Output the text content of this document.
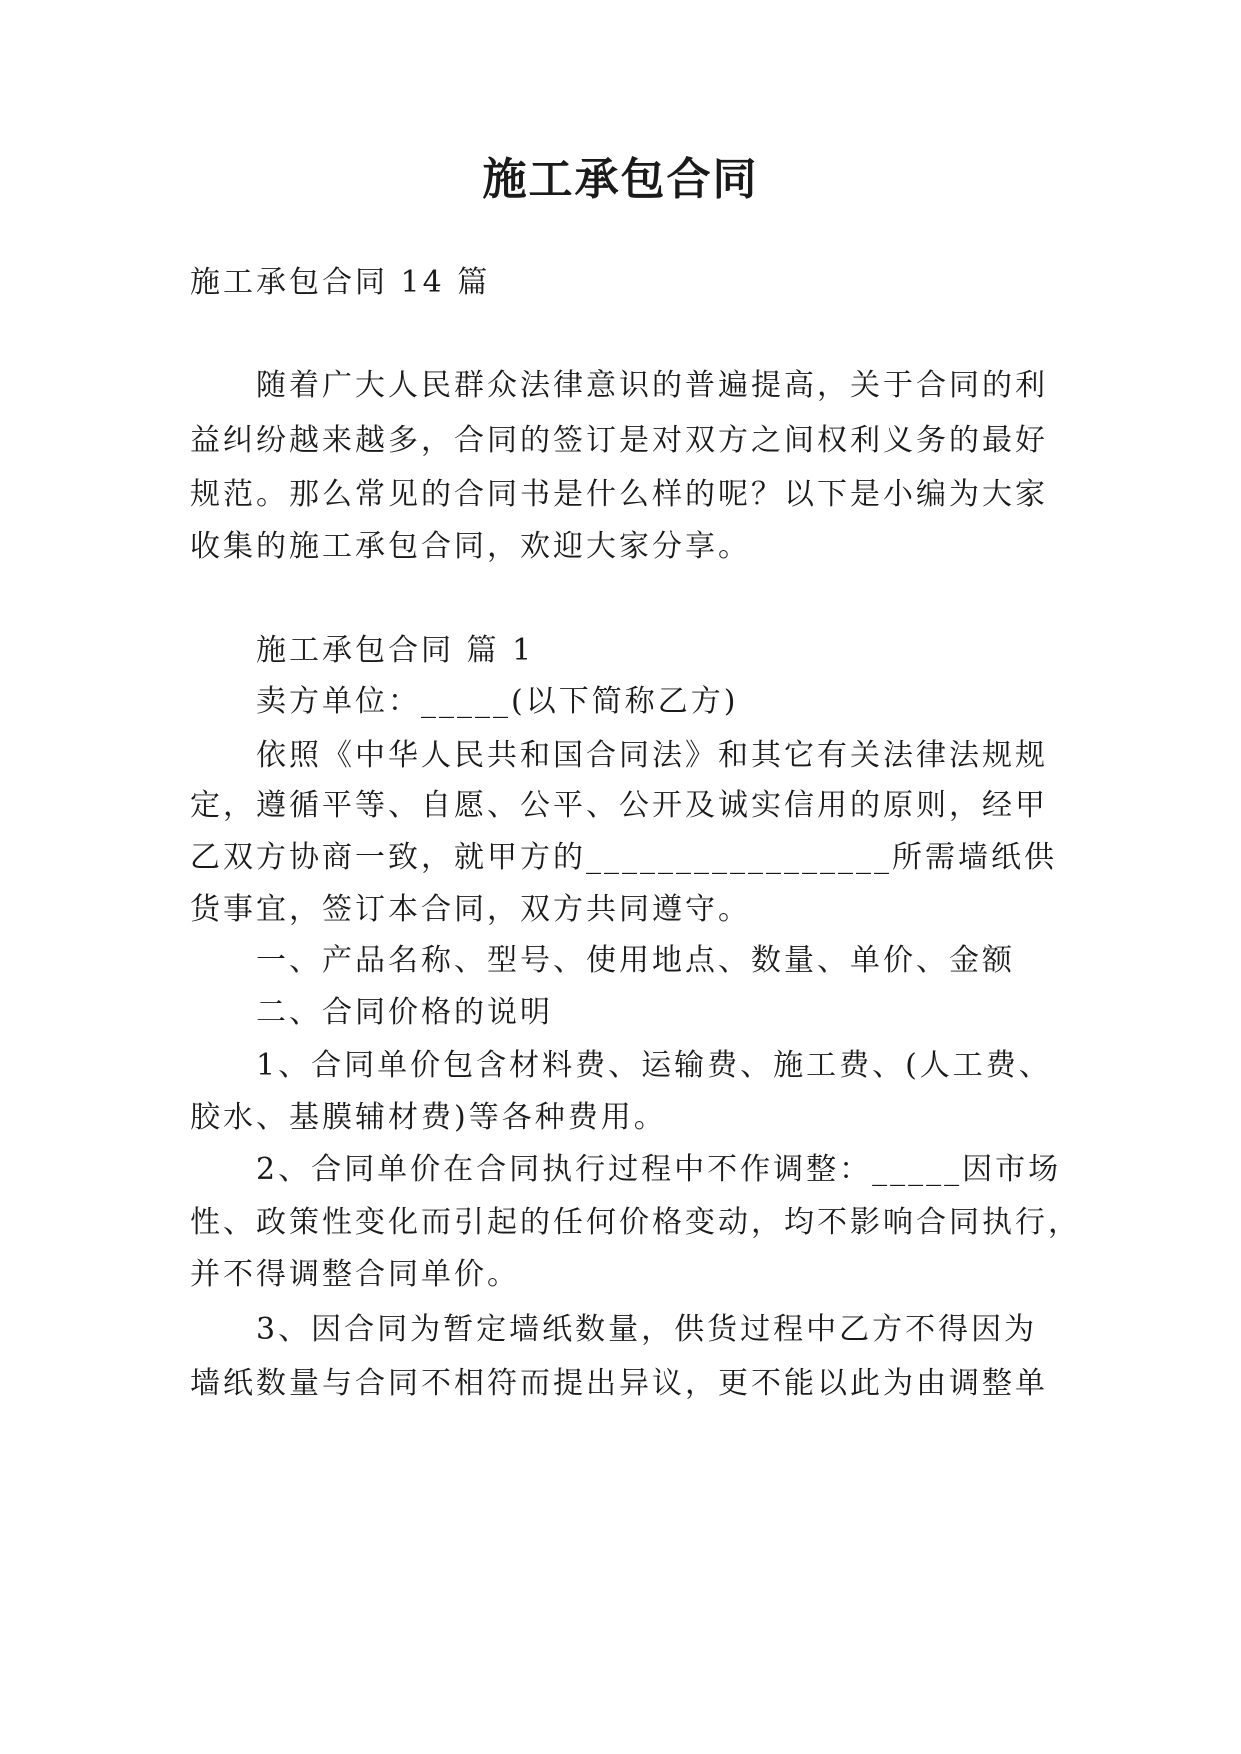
施工承包合同
施工承包合同 14 篇
随着广大人民群众法律意识的普遍提高，关于合同的利
益纠纷越来越多，合同的签订是对双方之间权利义务的最好
规范。那么常见的合同书是什么样的呢？以下是小编为大家
收集的施工承包合同，欢迎大家分享。
施工承包合同 篇 1
卖方单位：_____(以下简称乙方)
依照《中华人民共和国合同法》和其它有关法律法规规
定，遵循平等、自愿、公平、公开及诚实信用的原则，经甲
乙双方协商一致，就甲方的_________________所需墙纸供
货事宜，签订本合同，双方共同遵守。
一、产品名称、型号、使用地点、数量、单价、金额
二、合同价格的说明
1、合同单价包含材料费、运输费、施工费、(人工费、
胶水、基膜辅材费)等各种费用。
2、合同单价在合同执行过程中不作调整：_____因市场
性、政策性变化而引起的任何价格变动，均不影响合同执行，
并不得调整合同单价。
3、因合同为暂定墙纸数量，供货过程中乙方不得因为
墙纸数量与合同不相符而提出异议，更不能以此为由调整单
